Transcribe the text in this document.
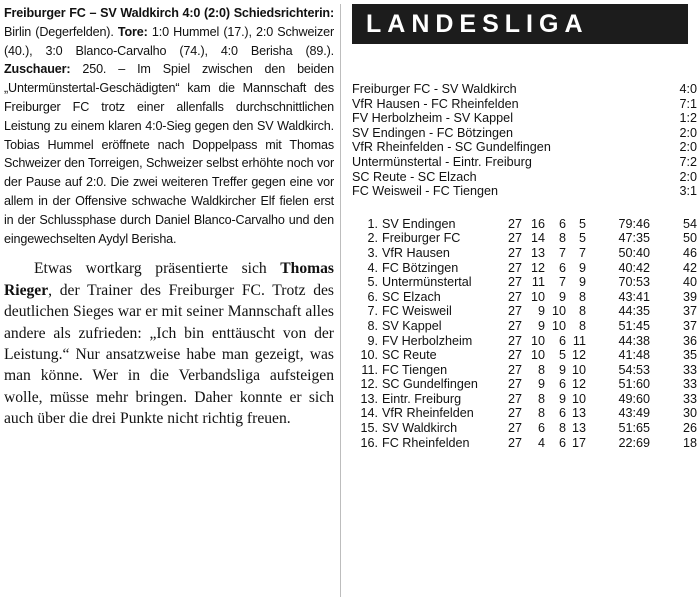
Freiburger FC – SV Waldkirch 4:0 (2:0) Schiedsrichterin: Birlin (Degerfelden). Tore: 1:0 Hummel (17.), 2:0 Schweizer (40.), 3:0 Blanco-Carvalho (74.), 4:0 Berisha (89.). Zuschauer: 250. – Im Spiel zwischen den beiden „Untermünstertal-Geschädigten“ kam die Mannschaft des Freiburger FC trotz einer allenfalls durchschnittlichen Leistung zu einem klaren 4:0-Sieg gegen den SV Waldkirch. Tobias Hummel eröffnete nach Doppelpass mit Thomas Schweizer den Torreigen, Schweizer selbst erhöhte noch vor der Pause auf 2:0. Die zwei weiteren Treffer gegen eine vor allem in der Offensive schwache Waldkircher Elf fielen erst in der Schlussphase durch Daniel Blanco-Carvalho und den eingewechselten Aydyl Berisha.

Etwas wortkarg präsentierte sich Thomas Rieger, der Trainer des Freiburger FC. Trotz des deutlichen Sieges war er mit seiner Mannschaft alles andere als zufrieden: „Ich bin enttäuscht von der Leistung.“ Nur ansatzweise habe man gezeigt, was man könne. Wer in die Verbandsliga aufsteigen wolle, müsse mehr bringen. Daher konnte er sich auch über die drei Punkte nicht richtig freuen.

LANDESLIGA
Freiburger FC - SV Waldkirch	4:0
VfR Hausen - FC Rheinfelden	7:1
FV Herbolzheim - SV Kappel	1:2
SV Endingen - FC Bötzingen	2:0
VfR Rheinfelden - SC Gundelfingen	2:0
Untermünstertal - Eintr. Freiburg	7:2
SC Reute - SC Elzach	2:0
FC Weisweil - FC Tiengen	3:1
1. SV Endingen	27 16	6	5	79:46	54
2. Freiburger FC	27 14	8	5	47:35	50
3. VfR Hausen	27 13	7	7	50:40	46
4. FC Bötzingen	27 12	6	9	40:42	42
5. Untermünstertal	27 11	7	9	70:53	40
6. SC Elzach	27 10	9	8	43:41	39
7. FC Weisweil	27	9 10	8	44:35	37
8. SV Kappel	27	9 10	8	51:45	37
9. FV Herbolzheim	27 10	6 11	44:38	36
10. SC Reute	27 10	5 12	41:48	35
11. FC Tiengen	27	8	9 10	54:53	33
12. SC Gundelfingen	27	9	6 12	51:60	33
13. Eintr. Freiburg	27	8	9 10	49:60	33
14. VfR Rheinfelden	27	8	6 13	43:49	30
15. SV Waldkirch	27	6	8 13	51:65	26
16. FC Rheinfelden	27	4	6 17	22:69	18
